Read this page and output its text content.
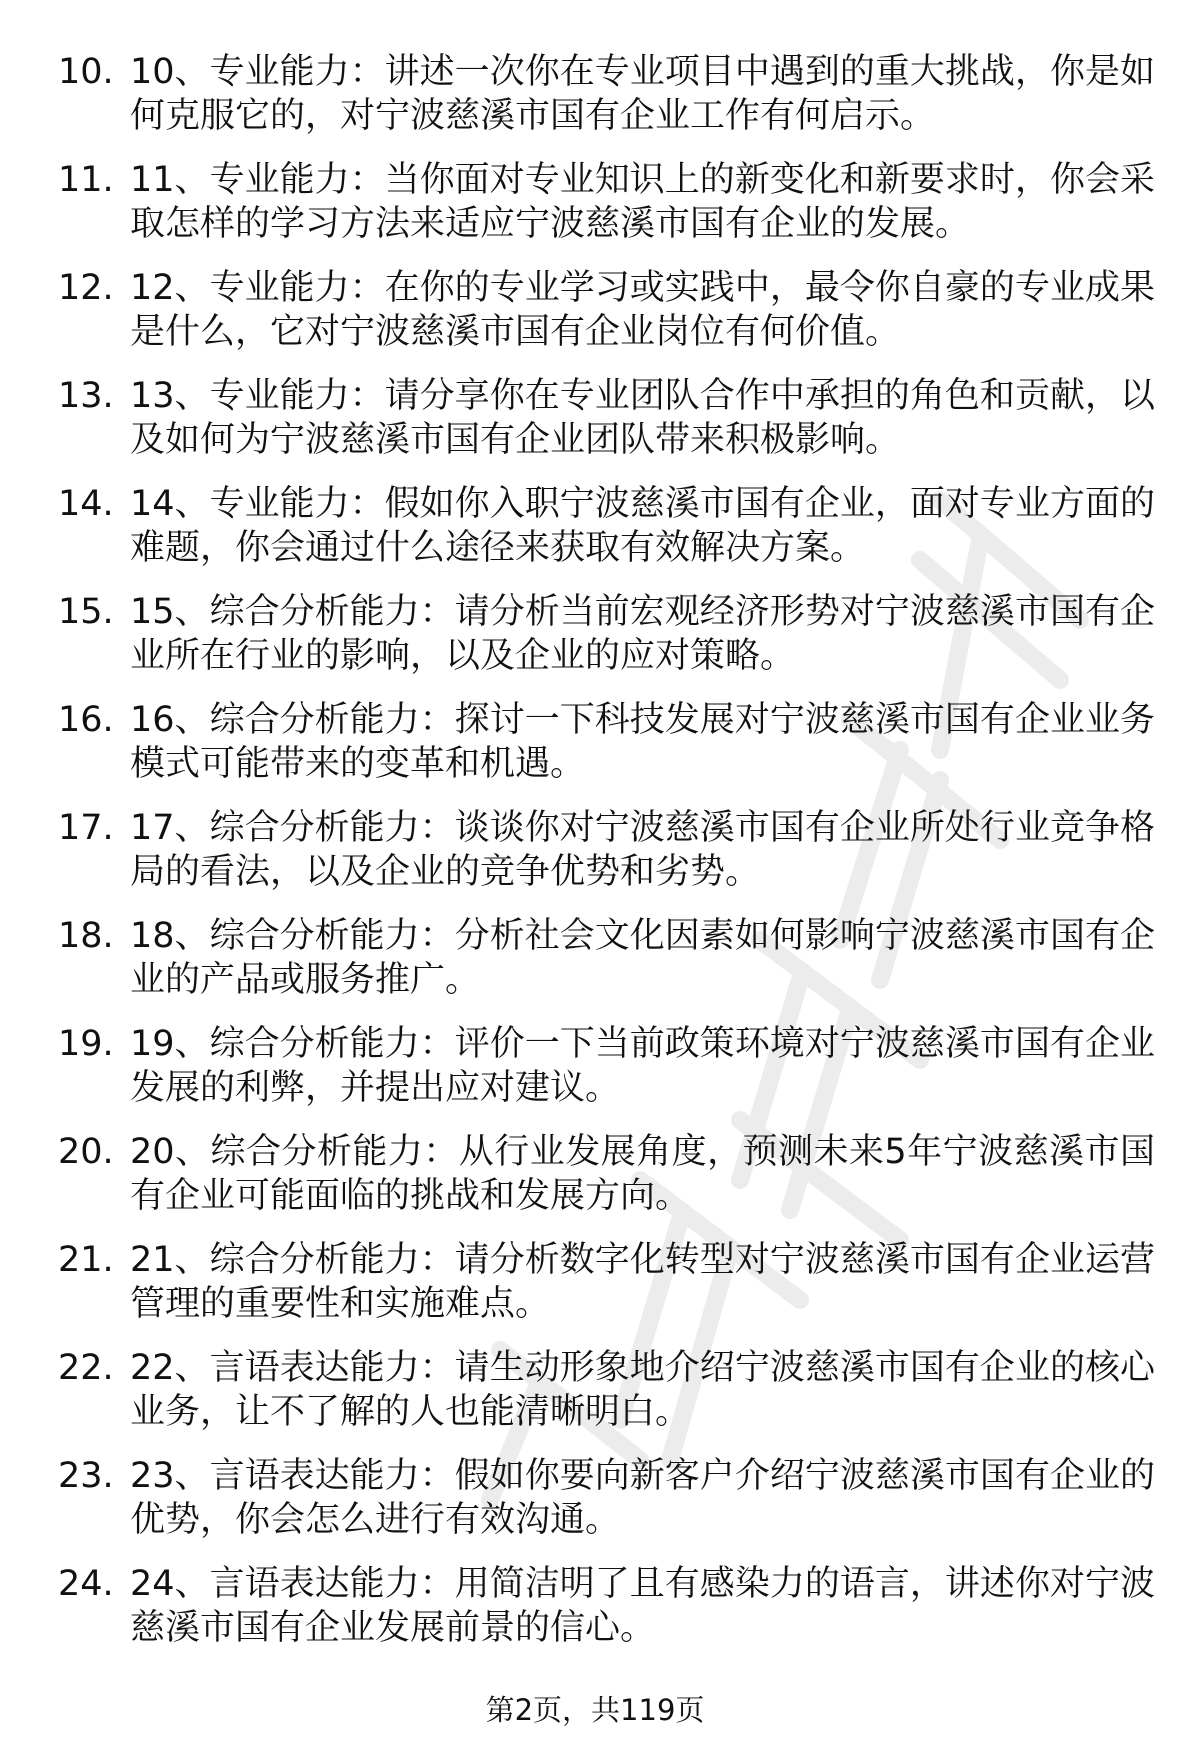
10. 10、专业能力：讲述一次你在专业项目中遇到的重大挑战，你是如何克服它的，对宁波慈溪市国有企业工作有何启示。
11. 11、专业能力：当你面对专业知识上的新变化和新要求时，你会采取怎样的学习方法来适应宁波慈溪市国有企业的发展。
12. 12、专业能力：在你的专业学习或实践中，最令你自豪的专业成果是什么，它对宁波慈溪市国有企业岗位有何价值。
13. 13、专业能力：请分享你在专业团队合作中承担的角色和贡献，以及如何为宁波慈溪市国有企业团队带来积极影响。
14. 14、专业能力：假如你入职宁波慈溪市国有企业，面对专业方面的难题，你会通过什么途径来获取有效解决方案。
15. 15、综合分析能力：请分析当前宏观经济形势对宁波慈溪市国有企业所在行业的影响，以及企业的应对策略。
16. 16、综合分析能力：探讨一下科技发展对宁波慈溪市国有企业业务模式可能带来的变革和机遇。
17. 17、综合分析能力：谈谈你对宁波慈溪市国有企业所处行业竞争格局的看法，以及企业的竞争优势和劣势。
18. 18、综合分析能力：分析社会文化因素如何影响宁波慈溪市国有企业的产品或服务推广。
19. 19、综合分析能力：评价一下当前政策环境对宁波慈溪市国有企业发展的利弊，并提出应对建议。
20. 20、综合分析能力：从行业发展角度，预测未来5年宁波慈溪市国有企业可能面临的挑战和发展方向。
21. 21、综合分析能力：请分析数字化转型对宁波慈溪市国有企业运营管理的重要性和实施难点。
22. 22、言语表达能力：请生动形象地介绍宁波慈溪市国有企业的核心业务，让不了解的人也能清晰明白。
23. 23、言语表达能力：假如你要向新客户介绍宁波慈溪市国有企业的优势，你会怎么进行有效沟通。
24. 24、言语表达能力：用简洁明了且有感染力的语言，讲述你对宁波慈溪市国有企业发展前景的信心。
第2页，共119页
